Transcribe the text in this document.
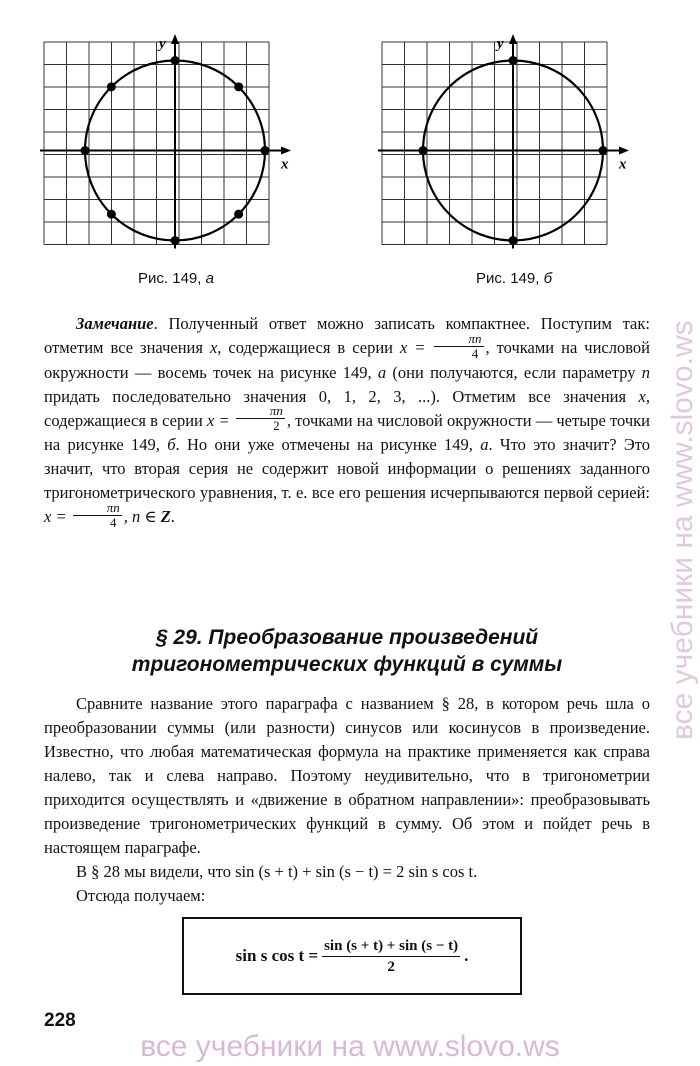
x
y
x
y
Рис. 149, а	Рис. 149, б

Замечание. Полученный ответ можно записать компактнее. Поступим так: отметим все значения x, содержащиеся в серии $x = \frac{\pi n}{4}$ , точками на числовой окружности — восемь точек на рисунке 149, а (они получаются, если параметру n придать последовательно значения 0, 1, 2, 3, ...). Отметим все значения x, содержащиеся в серии $x = \frac{\pi n}{2}$ , точками на числовой окружности — четыре точки на рисунке 149, б. Но они уже отмечены на рисунке 149, а. Что это значит? Это значит, что вторая серия не содержит новой информации о решениях заданного тригонометрического уравнения, т. е. все его решения исчерпываются первой серией: $x = \frac{\pi n}{4}$ , n ∈ Z.

§ 29. Преобразование произведений
тригонометрических функций в суммы

Сравните название этого параграфа с названием § 28, в котором речь шла о преобразовании суммы (или разности) синусов или косинусов в произведение. Известно, что любая математическая формула на практике применяется как справа налево, так и слева направо. Поэтому неудивительно, что в тригонометрии приходится осуществлять и «движение в обратном направлении»: преобразовывать произведение тригонометрических функций в сумму. Об этом и пойдет речь в настоящем параграфе.

В § 28 мы видели, что sin (s + t) + sin (s − t) = 2 sin s cos t.

Отсюда получаем:

sin s $\cos t = \frac{\sin (s + t) + \sin (s - t)}{2}$ .
228
все учебники на www.slovo.ws
все учебники на www.slovo.ws
